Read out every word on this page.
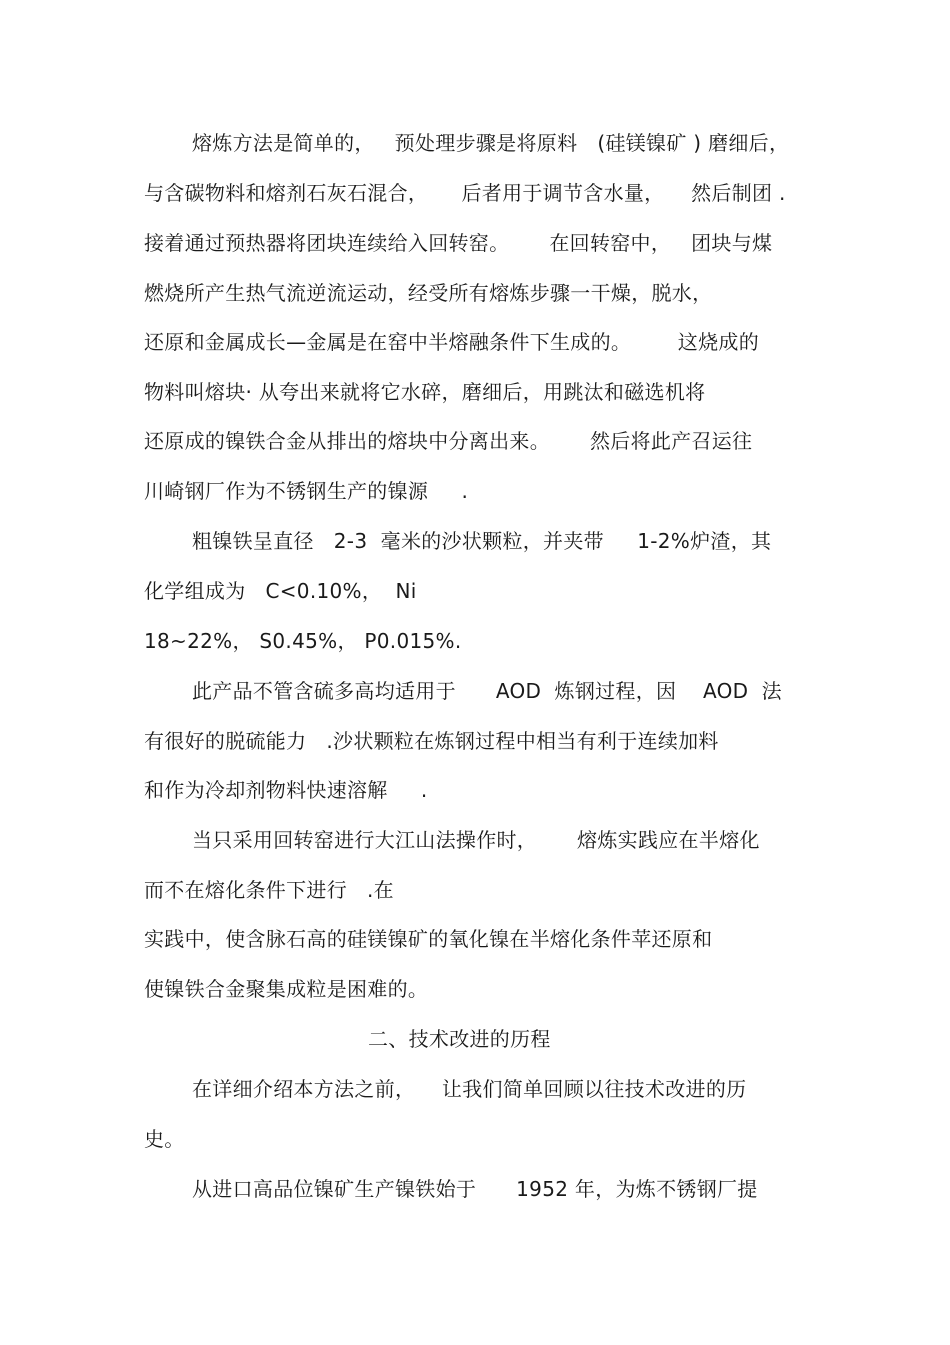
熔炼方法是简单的，   预处理步骤是将原料   (硅镁镍矿 ) 磨细后，
与含碳物料和熔剂石灰石混合，     后者用于调节含水量，    然后制团 .
接着通过预热器将团块连续给入回转窑。      在回转窑中，   团块与煤
燃烧所产生热气流逆流运动，经受所有熔炼步骤一干燥，脱水，
还原和金属成长—金属是在窑中半熔融条件下生成的。       这烧成的
物料叫熔块· 从夸出来就将它水碎，磨细后，用跳汰和磁选机将
还原成的镍铁合金从排出的熔块中分离出来。      然后将此产召运往
川崎钢厂作为不锈钢生产的镍源     .
粗镍铁呈直径   2-3  毫米的沙状颗粒，并夹带     1-2%炉渣，其
化学组成为   C<0.10%，  Ni
18~22%， S0.45%， P0.015%.
此产品不管含硫多高均适用于      AOD  炼钢过程，因    AOD  法
有很好的脱硫能力   .沙状颗粒在炼钢过程中相当有利于连续加料
和作为冷却剂物料快速溶解     .
当只采用回转窑进行大江山法操作时，      熔炼实践应在半熔化
而不在熔化条件下进行   .在
实践中，使含脉石高的硅镁镍矿的氧化镍在半熔化条件苹还原和
使镍铁合金聚集成粒是困难的。
二、技术改进的历程
在详细介绍本方法之前，    让我们简单回顾以往技术改进的历
史。
从进口高品位镍矿生产镍铁始于      1952 年，为炼不锈钢厂提
